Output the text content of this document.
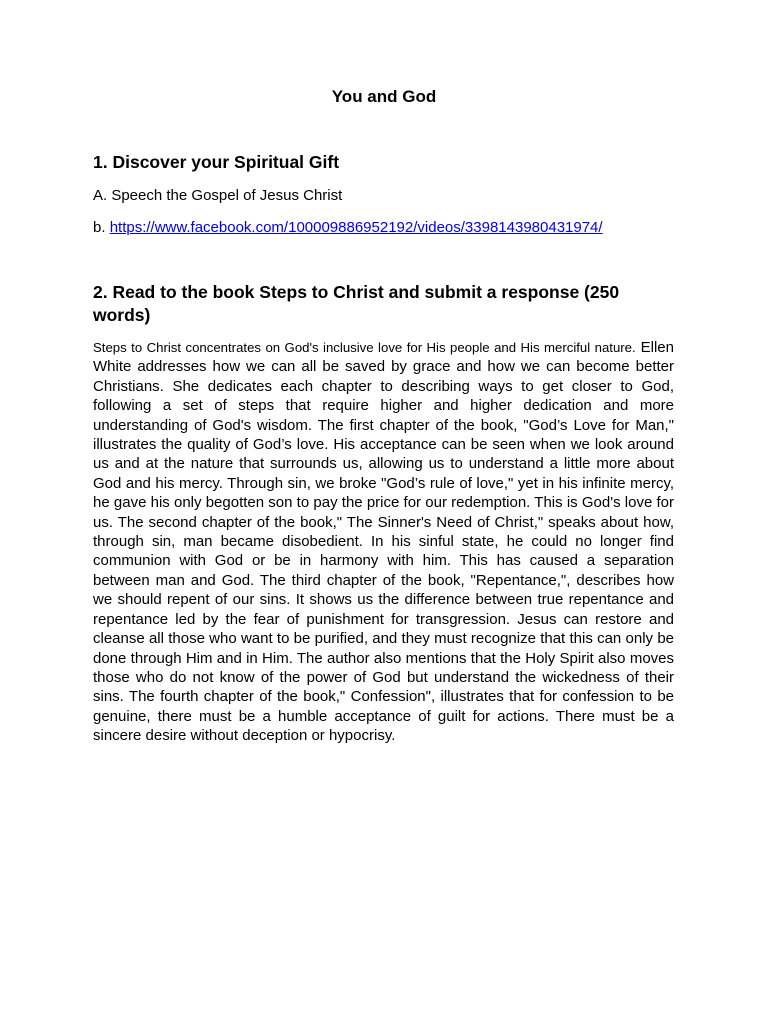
You and God
1. Discover your Spiritual Gift
A. Speech the Gospel of Jesus Christ
b. https://www.facebook.com/100009886952192/videos/3398143980431974/
2. Read to the book Steps to Christ and submit a response (250 words)
Steps to Christ concentrates on God's inclusive love for His people and His merciful nature. Ellen White addresses how we can all be saved by grace and how we can become better Christians. She dedicates each chapter to describing ways to get closer to God, following a set of steps that require higher and higher dedication and more understanding of God's wisdom. The first chapter of the book, "God’s Love for Man," illustrates the quality of God’s love. His acceptance can be seen when we look around us and at the nature that surrounds us, allowing us to understand a little more about God and his mercy. Through sin, we broke "God’s rule of love," yet in his infinite mercy, he gave his only begotten son to pay the price for our redemption. This is God's love for us. The second chapter of the book," The Sinner's Need of Christ," speaks about how, through sin, man became disobedient. In his sinful state, he could no longer find communion with God or be in harmony with him. This has caused a separation between man and God. The third chapter of the book, "Repentance,", describes how we should repent of our sins. It shows us the difference between true repentance and repentance led by the fear of punishment for transgression. Jesus can restore and cleanse all those who want to be purified, and they must recognize that this can only be done through Him and in Him. The author also mentions that the Holy Spirit also moves those who do not know of the power of God but understand the wickedness of their sins. The fourth chapter of the book," Confession", illustrates that for confession to be genuine, there must be a humble acceptance of guilt for actions. There must be a sincere desire without deception or hypocrisy.
